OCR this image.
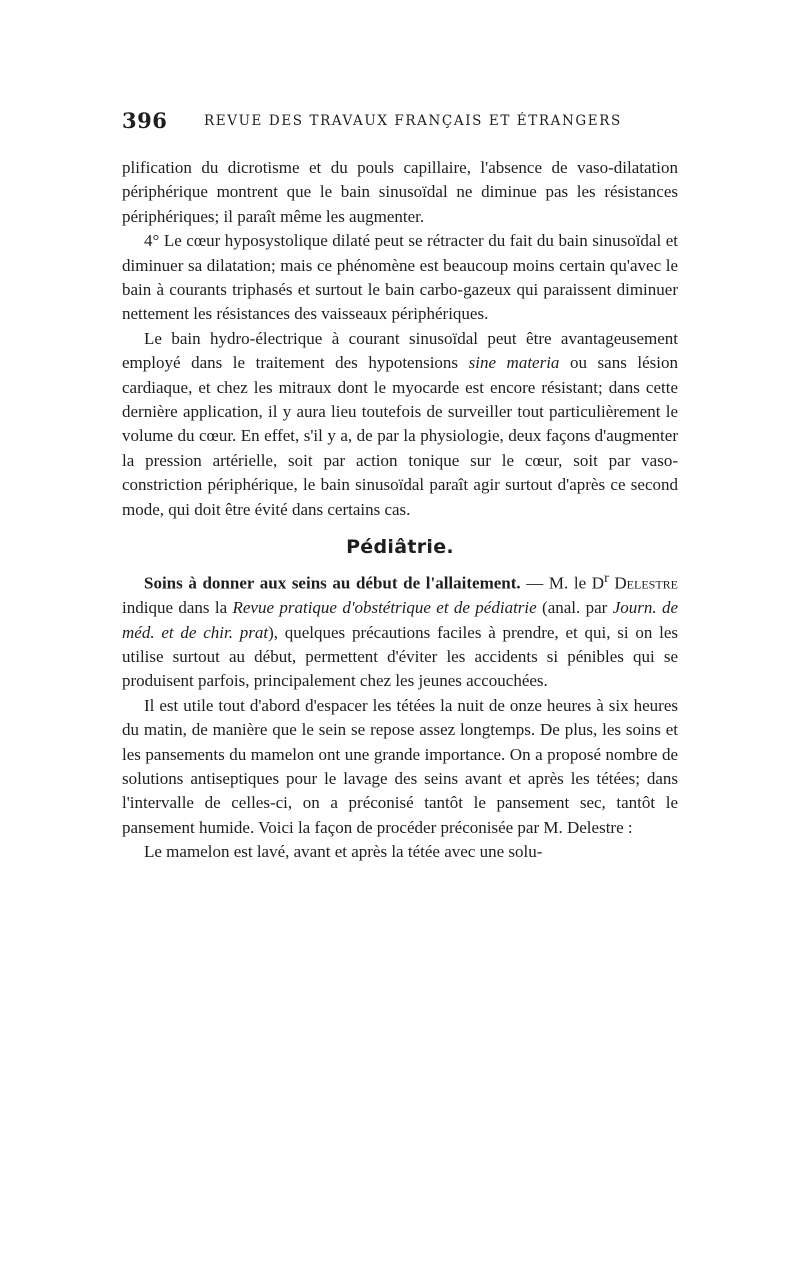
396	REVUE DES TRAVAUX FRANÇAIS ET ÉTRANGERS

plification du dicrotisme et du pouls capillaire, l'absence de vaso-dilatation périphérique montrent que le bain sinusoïdal ne diminue pas les résistances périphériques; il paraît même les augmenter.

4° Le cœur hyposystolique dilaté peut se rétracter du fait du bain sinusoïdal et diminuer sa dilatation; mais ce phénomène est beaucoup moins certain qu'avec le bain à courants triphasés et surtout le bain carbo-gazeux qui paraissent diminuer nettement les résistances des vaisseaux périphériques.

Le bain hydro-électrique à courant sinusoïdal peut être avantageusement employé dans le traitement des hypotensions sine materia ou sans lésion cardiaque, et chez les mitraux dont le myocarde est encore résistant; dans cette dernière application, il y aura lieu toutefois de surveiller tout particulièrement le volume du cœur. En effet, s'il y a, de par la physiologie, deux façons d'augmenter la pression artérielle, soit par action tonique sur le cœur, soit par vaso-constriction périphérique, le bain sinusoïdal paraît agir surtout d'après ce second mode, qui doit être évité dans certains cas.

Pédiâtrie.

Soins à donner aux seins au début de l'allaitement. — M. le $D^r$ Delestre indique dans la Revue pratique d'obstétrique et de pédiatrie (anal. par Journ. de méd. et de chir. prat), quelques précautions faciles à prendre, et qui, si on les utilise surtout au début, permettent d'éviter les accidents si pénibles qui se produisent parfois, principalement chez les jeunes accouchées.

Il est utile tout d'abord d'espacer les tétées la nuit de onze heures à six heures du matin, de manière que le sein se repose assez longtemps. De plus, les soins et les pansements du mamelon ont une grande importance. On a proposé nombre de solutions antiseptiques pour le lavage des seins avant et après les tétées; dans l'intervalle de celles-ci, on a préconisé tantôt le pansement sec, tantôt le pansement humide. Voici la façon de procéder préconisée par M. Delestre :

Le mamelon est lavé, avant et après la tétée avec une solu-
